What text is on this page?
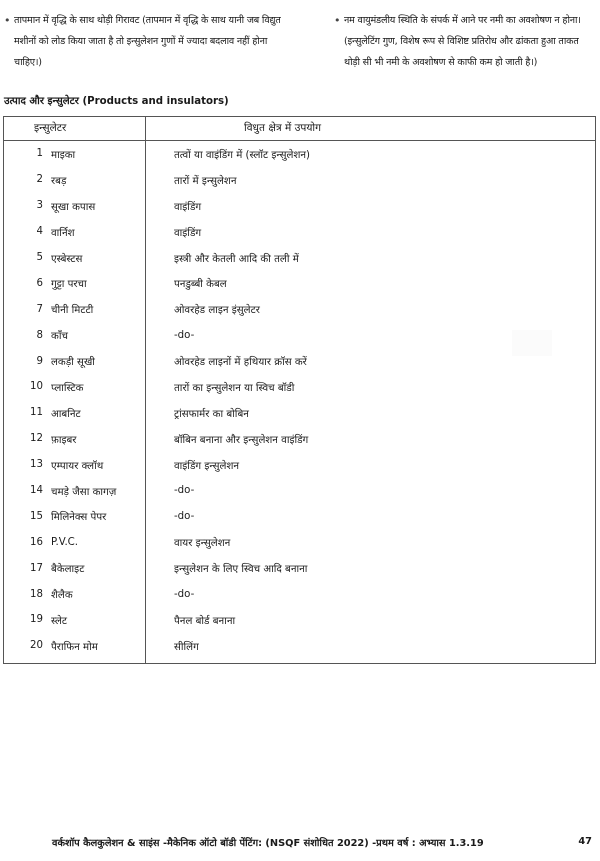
• तापमान में वृद्धि के साथ थोड़ी गिरावट (तापमान में वृद्धि के साथ यानी जब विद्युत मशीनों को लोड किया जाता है तो इन्सुलेशन गुणों में ज्यादा बदलाव नहीं होना चाहिए।)
• नम वायुमंडलीय स्थिति के संपर्क में आने पर नमी का अवशोषण न होना। (इन्सुलेटिंग गुण, विशेष रूप से विशिष्ट प्रतिरोध और ढांकता हुआ ताकत थोड़ी सी भी नमी के अवशोषण से काफी कम हो जाती है।)
उत्पाद और इन्सुलेटर (Products and insulators)
इन्सुलेटर	विधुत क्षेत्र में उपयोग
1 माइका	तत्वों या वाइंडिंग में (स्लॉट इन्सुलेशन)
2 रबड़	तारों में इन्सुलेशन
3 सूखा कपास	वाइंडिंग
4 वार्निश	वाइंडिंग
5 एस्बेस्टस	इस्त्री और केतली आदि की तली में
6 गुट्टा परचा	पनडुब्बी केबल
7 चीनी मिटटी	ओवरहेड लाइन इंसुलेटर
8 काँच	-do-
9 लकड़ी सूखी	ओवरहेड लाइनों में हथियार क्रॉस करें
10 प्लास्टिक	तारों का इन्सुलेशन या स्विच बॉडी
11 आबनिट	ट्रांसफार्मर का बोबिन
12 फ़ाइबर	बॉबिन बनाना और इन्सुलेशन वाइंडिंग
13 एम्पायर क्लॉथ	वाइंडिंग इन्सुलेशन
14 चमड़े जैसा कागज़	-do-
15 मिलिनेक्स पेपर	-do-
16 P.V.C.	वायर इन्सुलेशन
17 बैकेलाइट	इन्सुलेशन के लिए स्विच आदि बनाना
18 शैलैक	-do-
19 स्लेट	पैनल बोर्ड बनाना
20 पैराफिन मोम	सीलिंग
वर्कशॉप कैलकुलेशन & साइंस -मैकेनिक ऑटो बॉडी पेंटिंग: (NSQF संशोधित 2022) -प्रथम वर्ष : अभ्यास 1.3.19	47
